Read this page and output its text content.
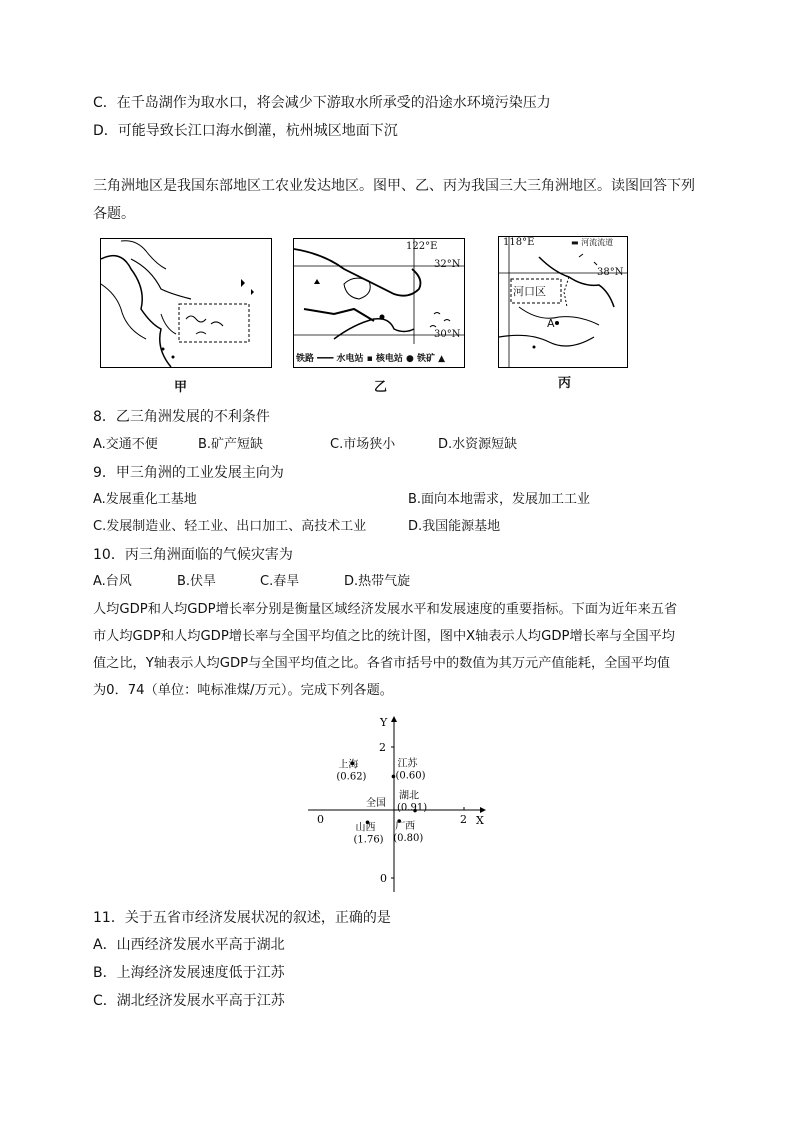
C．在千岛湖作为取水口，将会减少下游取水所承受的沿途水环境污染压力
D．可能导致长江口海水倒灌，杭州城区地面下沉
三角洲地区是我国东部地区工农业发达地区。图甲、乙、丙为我国三大三角洲地区。读图回答下列
各题。
甲
122°E
32°N
30°N
铁路 ━━━ 水电站 ▪ 核电站 ● 铁矿 ▲
乙
118°E	▬ 河流流道
38°N
河口区
A
丙
8．乙三角洲发展的不利条件
A.交通不便	B.矿产短缺	C.市场狭小	D.水资源短缺
9．甲三角洲的工业发展主向为
A.发展重化工基地	B.面向本地需求，发展加工工业
C.发展制造业、轻工业、出口加工、高技术工业	D.我国能源基地
10．丙三角洲面临的气候灾害为
A.台风	B.伏旱	C.春旱	D.热带气旋
人均GDP和人均GDP增长率分别是衡量区域经济发展水平和发展速度的重要指标。下面为近年来五省
市人均GDP和人均GDP增长率与全国平均值之比的统计图，图中X轴表示人均GDP增长率与全国平均
值之比，Y轴表示人均GDP与全国平均值之比。各省市括号中的数值为其万元产值能耗，全国平均值
为0．74（单位：吨标准煤/万元）。完成下列各题。
X
Y
0	2
2
0
全国
上海
(0.62)
江苏
(0.60)
湖北
(0.91)
山西
(1.76)
广西
(0.80)
11．关于五省市经济发展状况的叙述，正确的是
A．山西经济发展水平高于湖北
B．上海经济发展速度低于江苏
C．湖北经济发展水平高于江苏
